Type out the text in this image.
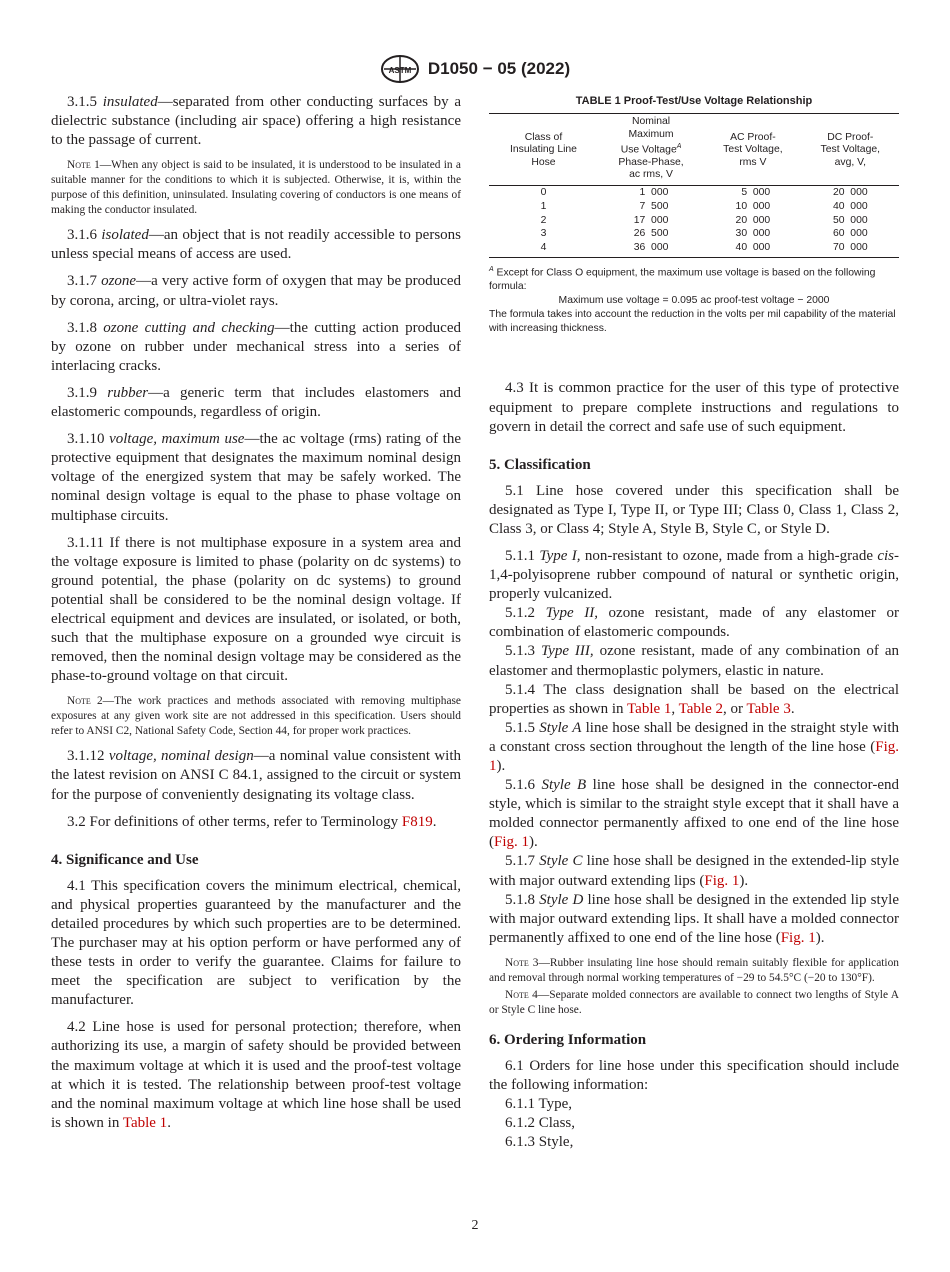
ASTM D1050 − 05 (2022)

3.1.5 insulated—separated from other conducting surfaces by a dielectric substance (including air space) offering a high resistance to the passage of current.

Note 1—When any object is said to be insulated, it is understood to be insulated in a suitable manner for the conditions to which it is subjected. Otherwise, it is, within the purpose of this definition, uninsulated. Insulating covering of conductors is one means of making the conductor insulated.

3.1.6 isolated—an object that is not readily accessible to persons unless special means of access are used.

3.1.7 ozone—a very active form of oxygen that may be produced by corona, arcing, or ultra-violet rays.

3.1.8 ozone cutting and checking—the cutting action produced by ozone on rubber under mechanical stress into a series of interlacing cracks.

3.1.9 rubber—a generic term that includes elastomers and elastomeric compounds, regardless of origin.

3.1.10 voltage, maximum use—the ac voltage (rms) rating of the protective equipment that designates the maximum nominal design voltage of the energized system that may be safely worked. The nominal design voltage is equal to the phase to phase voltage on multiphase circuits.

3.1.11 If there is not multiphase exposure in a system area and the voltage exposure is limited to phase (polarity on dc systems) to ground potential, the phase (polarity on dc systems) to ground potential shall be considered to be the nominal design voltage. If electrical equipment and devices are insulated, or isolated, or both, such that the multiphase exposure on a grounded wye circuit is removed, then the nominal design voltage may be considered as the phase-to-ground voltage on that circuit.

Note 2—The work practices and methods associated with removing multiphase exposures at any given work site are not addressed in this specification. Users should refer to ANSI C2, National Safety Code, Section 44, for proper work practices.

3.1.12 voltage, nominal design—a nominal value consistent with the latest revision on ANSI C 84.1, assigned to the circuit or system for the purpose of conveniently designating its voltage class.

3.2 For definitions of other terms, refer to Terminology F819.

4. Significance and Use

4.1 This specification covers the minimum electrical, chemical, and physical properties guaranteed by the manufacturer and the detailed procedures by which such properties are to be determined. The purchaser may at his option perform or have performed any of these tests in order to verify the guarantee. Claims for failure to meet the specification are subject to verification by the manufacturer.

4.2 Line hose is used for personal protection; therefore, when authorizing its use, a margin of safety should be provided between the maximum voltage at which it is used and the proof-test voltage at which it is tested. The relationship between proof-test voltage and the nominal maximum voltage at which line hose shall be used is shown in Table 1.

TABLE 1 Proof-Test/Use Voltage Relationship
Class of
Insulating Line
Hose	Nominal
Maximum
Use Voltage$^A$
Phase-Phase,
ac rms, V	AC Proof-
Test Voltage,
rms V	DC Proof-
Test Voltage,
avg, V,

0	1  000	5  000	20  000
1	7  500	10  000	40  000
2	17  000	20  000	50  000
3	26  500	30  000	60  000
4	36  000	40  000	70  000
$^A$ Except for Class O equipment, the maximum use voltage is based on the following formula:
Maximum use voltage = 0.095 ac proof-test voltage − 2000
The formula takes into account the reduction in the volts per mil capability of the material with increasing thickness.

4.3 It is common practice for the user of this type of protective equipment to prepare complete instructions and regulations to govern in detail the correct and safe use of such equipment.

5. Classification

5.1 Line hose covered under this specification shall be designated as Type I, Type II, or Type III; Class 0, Class 1, Class 2, Class 3, or Class 4; Style A, Style B, Style C, or Style D.

5.1.1 Type I, non-resistant to ozone, made from a high-grade cis-1,4-polyisoprene rubber compound of natural or synthetic origin, properly vulcanized.

5.1.2 Type II, ozone resistant, made of any elastomer or combination of elastomeric compounds.

5.1.3 Type III, ozone resistant, made of any combination of an elastomer and thermoplastic polymers, elastic in nature.

5.1.4 The class designation shall be based on the electrical properties as shown in Table 1, Table 2, or Table 3.

5.1.5 Style A line hose shall be designed in the straight style with a constant cross section throughout the length of the line hose (Fig. 1).

5.1.6 Style B line hose shall be designed in the connector-end style, which is similar to the straight style except that it shall have a molded connector permanently affixed to one end of the line hose (Fig. 1).

5.1.7 Style C line hose shall be designed in the extended-lip style with major outward extending lips (Fig. 1).

5.1.8 Style D line hose shall be designed in the extended lip style with major outward extending lips. It shall have a molded connector permanently affixed to one end of the line hose (Fig. 1).

Note 3—Rubber insulating line hose should remain suitably flexible for application and removal through normal working temperatures of −29 to 54.5°C (−20 to 130°F).

Note 4—Separate molded connectors are available to connect two lengths of Style A or Style C line hose.

6. Ordering Information

6.1 Orders for line hose under this specification should include the following information:

6.1.1 Type,

6.1.2 Class,

6.1.3 Style,

2
